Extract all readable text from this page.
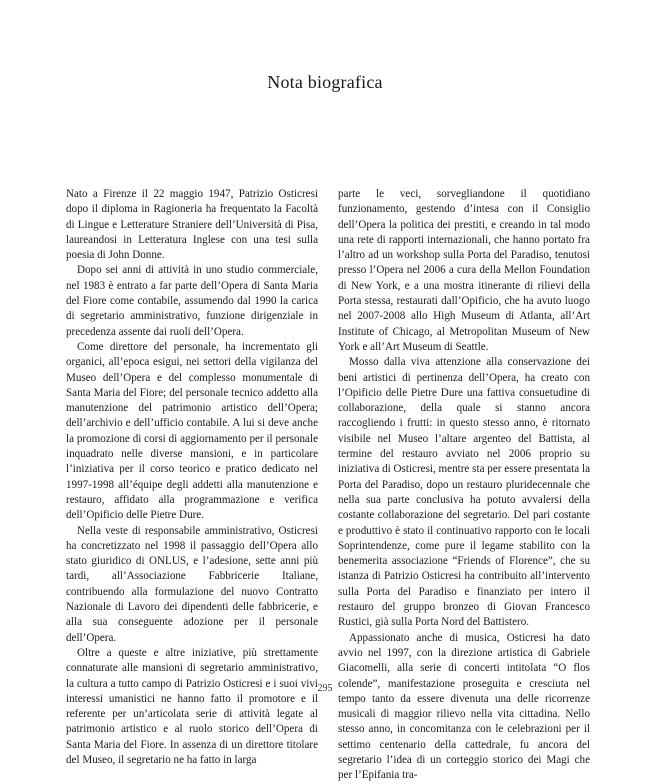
Nota biografica

Nato a Firenze il 22 maggio 1947, Patrizio Osticresi dopo il diploma in Ragioneria ha frequentato la Facoltà di Lingue e Letterature Straniere dell’Università di Pisa, laureandosi in Letteratura Inglese con una tesi sulla poesia di John Donne.

Dopo sei anni di attività in uno studio commerciale, nel 1983 è entrato a far parte dell’Opera di Santa Maria del Fiore come contabile, assumendo dal 1990 la carica di segretario amministrativo, funzione dirigenziale in precedenza assente dai ruoli dell’Opera.

Come direttore del personale, ha incrementato gli organici, all’epoca esigui, nei settori della vigilanza del Museo dell’Opera e del complesso monumentale di Santa Maria del Fiore; del personale tecnico addetto alla manutenzione del patrimonio artistico dell’Opera; dell’archivio e dell’ufficio contabile. A lui si deve anche la promozione di corsi di aggiornamento per il personale inquadrato nelle diverse mansioni, e in particolare l’iniziativa per il corso teorico e pratico dedicato nel 1997-1998 all’équipe degli addetti alla manutenzione e restauro, affidato alla programmazione e verifica dell’Opificio delle Pietre Dure.

Nella veste di responsabile amministrativo, Osticresi ha concretizzato nel 1998 il passaggio dell’Opera allo stato giuridico di ONLUS, e l’adesione, sette anni più tardi, all’Associazione Fabbricerie Italiane, contribuendo alla formulazione del nuovo Contratto Nazionale di Lavoro dei dipendenti delle fabbricerie, e alla sua conseguente adozione per il personale dell’Opera.

Oltre a queste e altre iniziative, più strettamente connaturate alle mansioni di segretario amministrativo, la cultura a tutto campo di Patrizio Osticresi e i suoi vivi interessi umanistici ne hanno fatto il promotore e il referente per un’articolata serie di attività legate al patrimonio artistico e al ruolo storico dell’Opera di Santa Maria del Fiore. In assenza di un direttore titolare del Museo, il segretario ne ha fatto in larga

parte le veci, sorvegliandone il quotidiano funzionamento, gestendo d’intesa con il Consiglio dell’Opera la politica dei prestiti, e creando in tal modo una rete di rapporti internazionali, che hanno portato fra l’altro ad un workshop sulla Porta del Paradiso, tenutosi presso l’Opera nel 2006 a cura della Mellon Foundation di New York, e a una mostra itinerante di rilievi della Porta stessa, restaurati dall’Opificio, che ha avuto luogo nel 2007-2008 allo High Museum di Atlanta, all’Art Institute of Chicago, al Metropolitan Museum of New York e all’Art Museum di Seattle.

Mosso dalla viva attenzione alla conservazione dei beni artistici di pertinenza dell’Opera, ha creato con l’Opificio delle Pietre Dure una fattiva consuetudine di collaborazione, della quale si stanno ancora raccogliendo i frutti: in questo stesso anno, è ritornato visibile nel Museo l’altare argenteo del Battista, al termine del restauro avviato nel 2006 proprio su iniziativa di Osticresi, mentre sta per essere presentata la Porta del Paradiso, dopo un restauro pluridecennale che nella sua parte conclusiva ha potuto avvalersi della costante collaborazione del segretario. Del pari costante e produttivo è stato il continuativo rapporto con le locali Soprintendenze, come pure il legame stabilito con la benemerita associazione “Friends of Florence”, che su istanza di Patrizio Osticresi ha contribuito all’intervento sulla Porta del Paradiso e finanziato per intero il restauro del gruppo bronzeo di Giovan Francesco Rustici, già sulla Porta Nord del Battistero.

Appassionato anche di musica, Osticresi ha dato avvio nel 1997, con la direzione artistica di Gabriele Giacomelli, alla serie di concerti intitolata “O flos colende”, manifestazione proseguita e cresciuta nel tempo tanto da essere divenuta una delle ricorrenze musicali di maggior rilievo nella vita cittadina. Nello stesso anno, in concomitanza con le celebrazioni per il settimo centenario della cattedrale, fu ancora del segretario l’idea di un corteggio storico dei Magi che per l’Epifania tra-

295
